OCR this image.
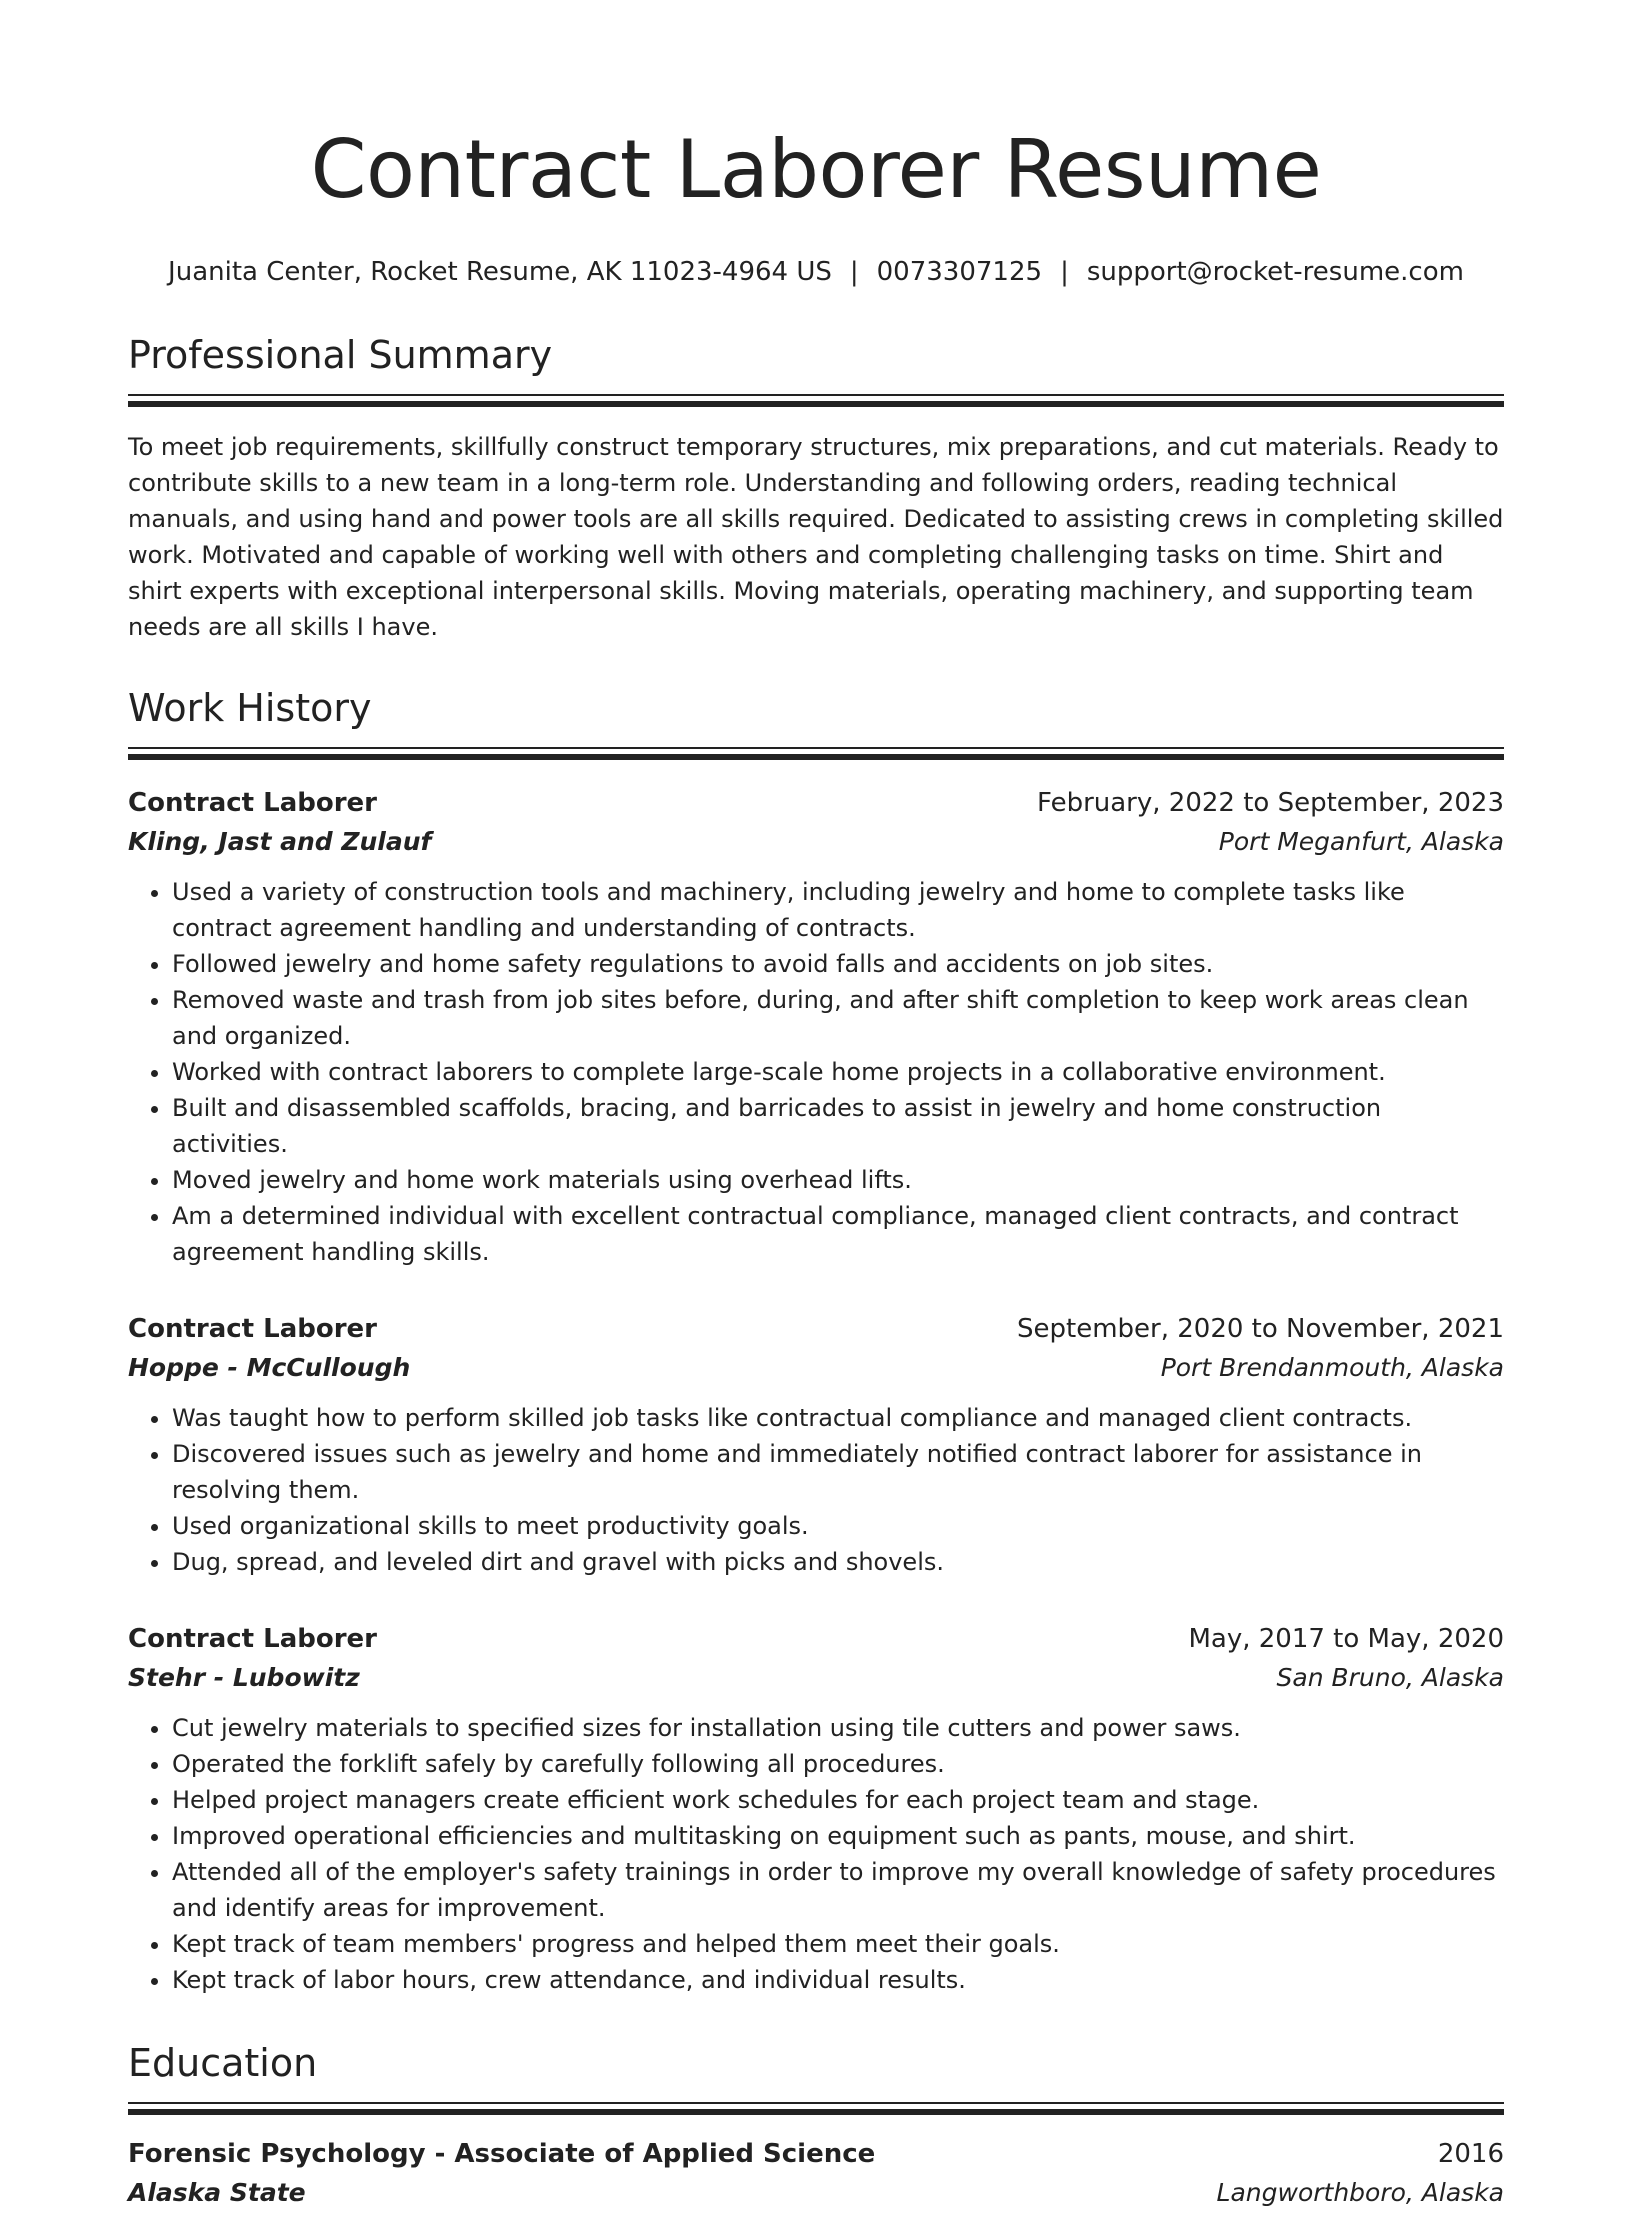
Contract Laborer Resume
Juanita Center, Rocket Resume, AK 11023-4964 US | 0073307125 | support@rocket-resume.com
Professional Summary

To meet job requirements, skillfully construct temporary structures, mix preparations, and cut materials. Ready to contribute skills to a new team in a long-term role. Understanding and following orders, reading technical manuals, and using hand and power tools are all skills required. Dedicated to assisting crews in completing skilled work. Motivated and capable of working well with others and completing challenging tasks on time. Shirt and shirt experts with exceptional interpersonal skills. Moving materials, operating machinery, and supporting team needs are all skills I have.

Work History
Contract Laborer	February, 2022 to September, 2023
Kling, Jast and Zulauf	Port Meganfurt, Alaska
• Used a variety of construction tools and machinery, including jewelry and home to complete tasks like contract agreement handling and understanding of contracts.
• Followed jewelry and home safety regulations to avoid falls and accidents on job sites.
• Removed waste and trash from job sites before, during, and after shift completion to keep work areas clean and organized.
• Worked with contract laborers to complete large-scale home projects in a collaborative environment.
• Built and disassembled scaffolds, bracing, and barricades to assist in jewelry and home construction activities.
• Moved jewelry and home work materials using overhead lifts.
• Am a determined individual with excellent contractual compliance, managed client contracts, and contract agreement handling skills.
Contract Laborer	September, 2020 to November, 2021
Hoppe - McCullough	Port Brendanmouth, Alaska
• Was taught how to perform skilled job tasks like contractual compliance and managed client contracts.
• Discovered issues such as jewelry and home and immediately notified contract laborer for assistance in resolving them.
• Used organizational skills to meet productivity goals.
• Dug, spread, and leveled dirt and gravel with picks and shovels.
Contract Laborer	May, 2017 to May, 2020
Stehr - Lubowitz	San Bruno, Alaska
• Cut jewelry materials to specified sizes for installation using tile cutters and power saws.
• Operated the forklift safely by carefully following all procedures.
• Helped project managers create efficient work schedules for each project team and stage.
• Improved operational efficiencies and multitasking on equipment such as pants, mouse, and shirt.
• Attended all of the employer's safety trainings in order to improve my overall knowledge of safety procedures and identify areas for improvement.
• Kept track of team members' progress and helped them meet their goals.
• Kept track of labor hours, crew attendance, and individual results.
Education
Forensic Psychology - Associate of Applied Science	2016
Alaska State	Langworthboro, Alaska
